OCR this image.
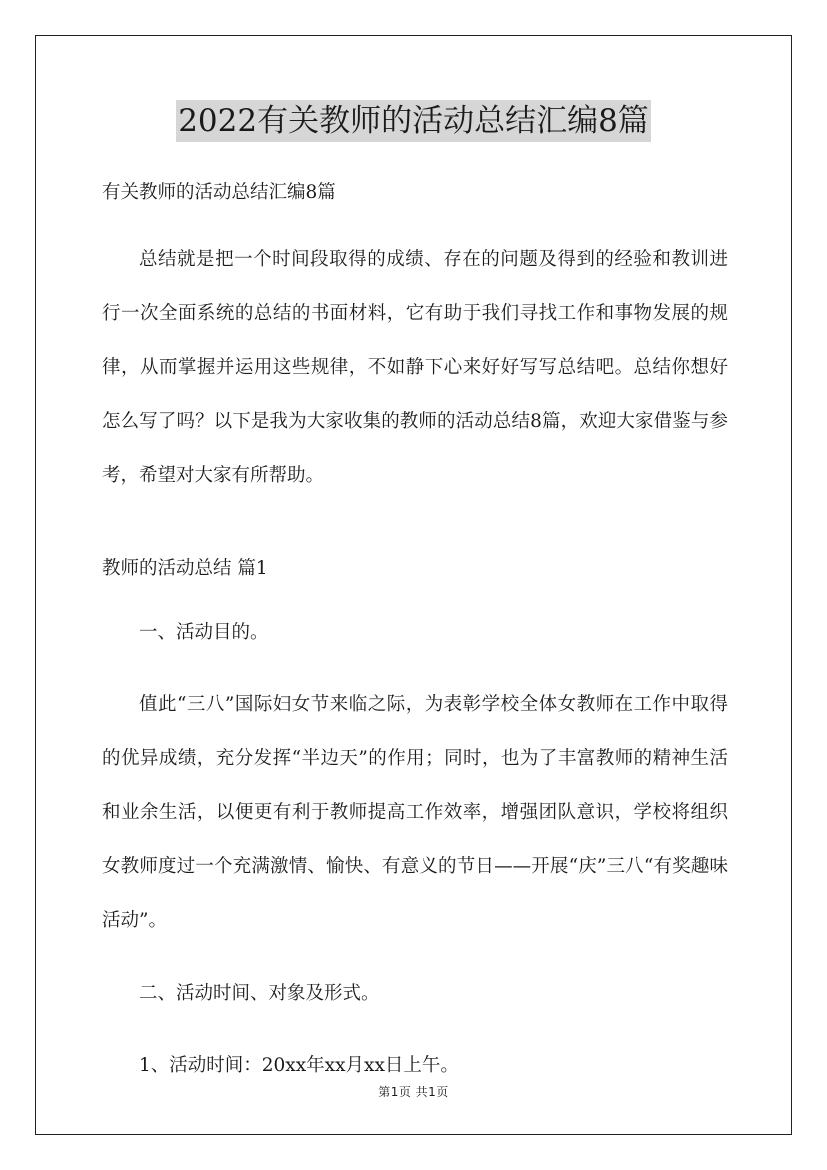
2022有关教师的活动总结汇编8篇

有关教师的活动总结汇编8篇

总结就是把一个时间段取得的成绩、存在的问题及得到的经验和教训进行一次全面系统的总结的书面材料，它有助于我们寻找工作和事物发展的规律，从而掌握并运用这些规律，不如静下心来好好写写总结吧。总结你想好怎么写了吗？以下是我为大家收集的教师的活动总结8篇，欢迎大家借鉴与参考，希望对大家有所帮助。

教师的活动总结 篇1

一、活动目的。

值此“三八”国际妇女节来临之际，为表彰学校全体女教师在工作中取得的优异成绩，充分发挥“半边天”的作用；同时，也为了丰富教师的精神生活和业余生活，以便更有利于教师提高工作效率，增强团队意识，学校将组织女教师度过一个充满激情、愉快、有意义的节日——开展“庆”三八“有奖趣味活动”。

二、活动时间、对象及形式。

1、活动时间：20xx年xx月xx日上午。

第1页 共1页
